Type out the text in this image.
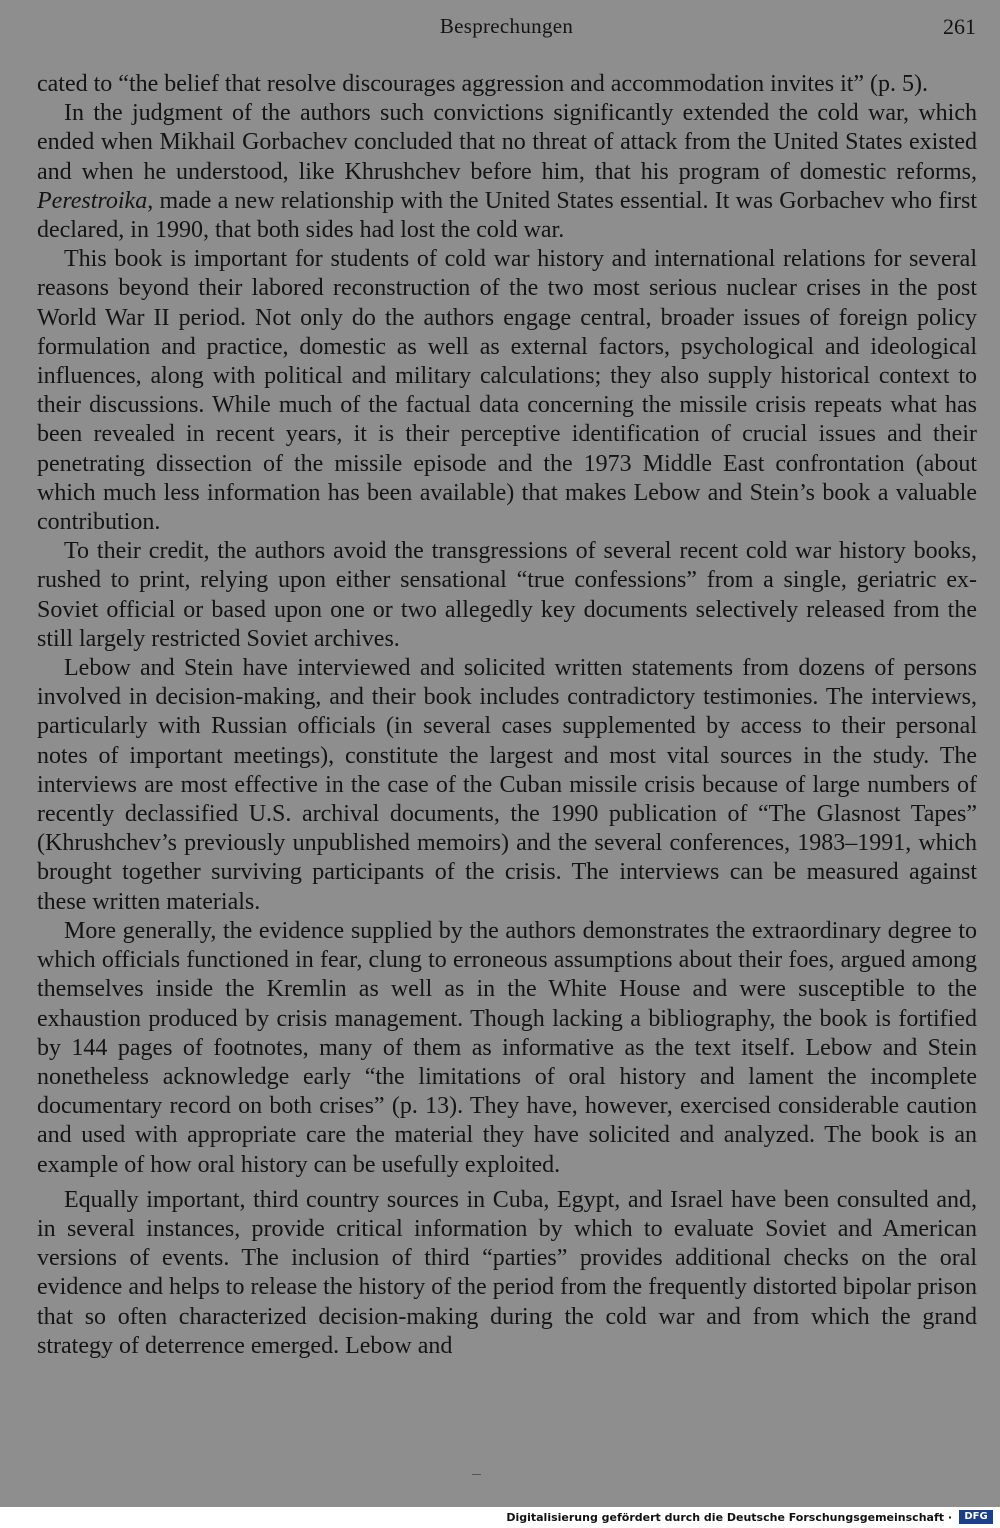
Besprechungen	261

cated to “the belief that resolve discourages aggression and accommodation invites it” (p. 5).

In the judgment of the authors such convictions significantly extended the cold war, which ended when Mikhail Gorbachev concluded that no threat of attack from the United States existed and when he understood, like Khrushchev before him, that his program of domestic reforms, Perestroika, made a new relationship with the United States essential. It was Gorbachev who first declared, in 1990, that both sides had lost the cold war.

This book is important for students of cold war history and international relations for several reasons beyond their labored reconstruction of the two most serious nuclear crises in the post World War II period. Not only do the authors engage central, broader issues of foreign policy formulation and practice, domestic as well as external factors, psychological and ideological influences, along with political and military calculations; they also supply historical context to their discussions. While much of the factual data concerning the missile crisis repeats what has been revealed in recent years, it is their perceptive identification of crucial issues and their penetrating dissection of the missile episode and the 1973 Middle East confrontation (about which much less information has been available) that makes Lebow and Stein’s book a valuable contribution.

To their credit, the authors avoid the transgressions of several recent cold war history books, rushed to print, relying upon either sensational “true confessions” from a single, geriatric ex-Soviet official or based upon one or two allegedly key documents selectively released from the still largely restricted Soviet archives.

Lebow and Stein have interviewed and solicited written statements from dozens of persons involved in decision-making, and their book includes contradictory testimonies. The interviews, particularly with Russian officials (in several cases supplemented by access to their personal notes of important meetings), constitute the largest and most vital sources in the study. The interviews are most effective in the case of the Cuban missile crisis because of large numbers of recently declassified U.S. archival documents, the 1990 publication of “The Glasnost Tapes” (Khrushchev’s previously unpublished memoirs) and the several conferences, 1983–1991, which brought together surviving participants of the crisis. The interviews can be measured against these written materials.

More generally, the evidence supplied by the authors demonstrates the extraordinary degree to which officials functioned in fear, clung to erroneous assumptions about their foes, argued among themselves inside the Kremlin as well as in the White House and were susceptible to the exhaustion produced by crisis management. Though lacking a bibliography, the book is fortified by 144 pages of footnotes, many of them as informative as the text itself. Lebow and Stein nonetheless acknowledge early “the limitations of oral history and lament the incomplete documentary record on both crises” (p. 13). They have, however, exercised considerable caution and used with appropriate care the material they have solicited and analyzed. The book is an example of how oral history can be usefully exploited.

Equally important, third country sources in Cuba, Egypt, and Israel have been consulted and, in several instances, provide critical information by which to evaluate Soviet and American versions of events. The inclusion of third “parties” provides additional checks on the oral evidence and helps to release the history of the period from the frequently distorted bipolar prison that so often characterized decision-making during the cold war and from which the grand strategy of deterrence emerged. Lebow and

Digitalisierung gefördert durch die Deutsche Forschungsgemeinschaft ·	DFG
